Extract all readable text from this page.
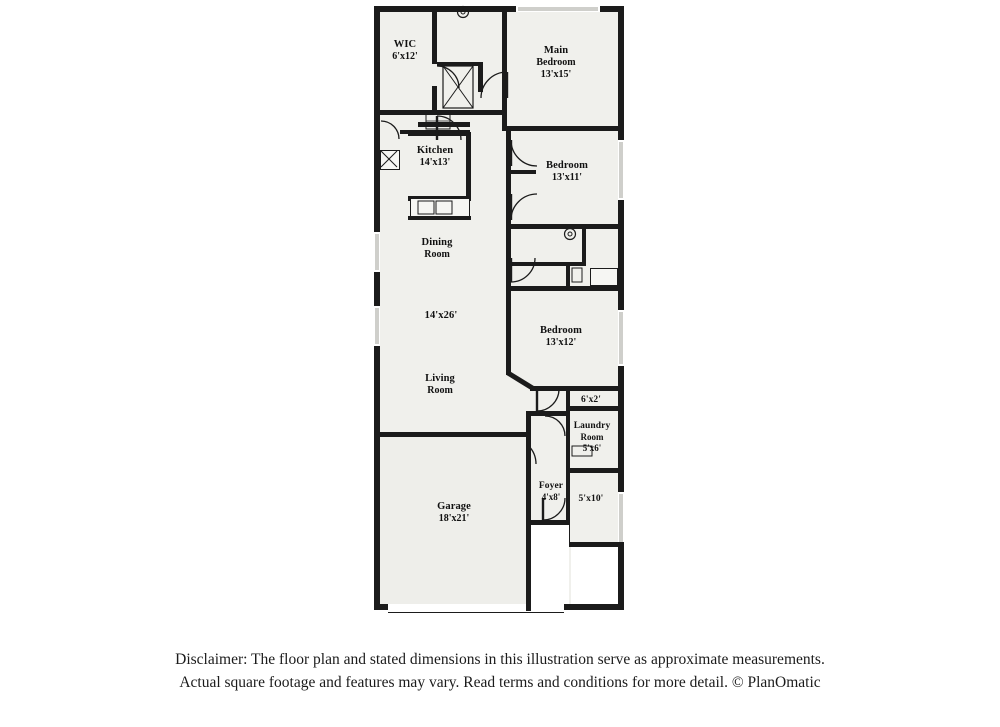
WIC
6'x12'
Main
Bedroom
13'x15'
Kitchen
14'x13'	Bedroom
13'x11'
Dining
Room
14'x26'
Bedroom
13'x12'
Living
Room
6'x2'
Laundry
Room
5'x6'
Foyer
4'x8'	5'x10'
Garage
18'x21'
Disclaimer: The floor plan and stated dimensions in this illustration serve as approximate measurements.
Actual square footage and features may vary. Read terms and conditions for more detail. © PlanOmatic
